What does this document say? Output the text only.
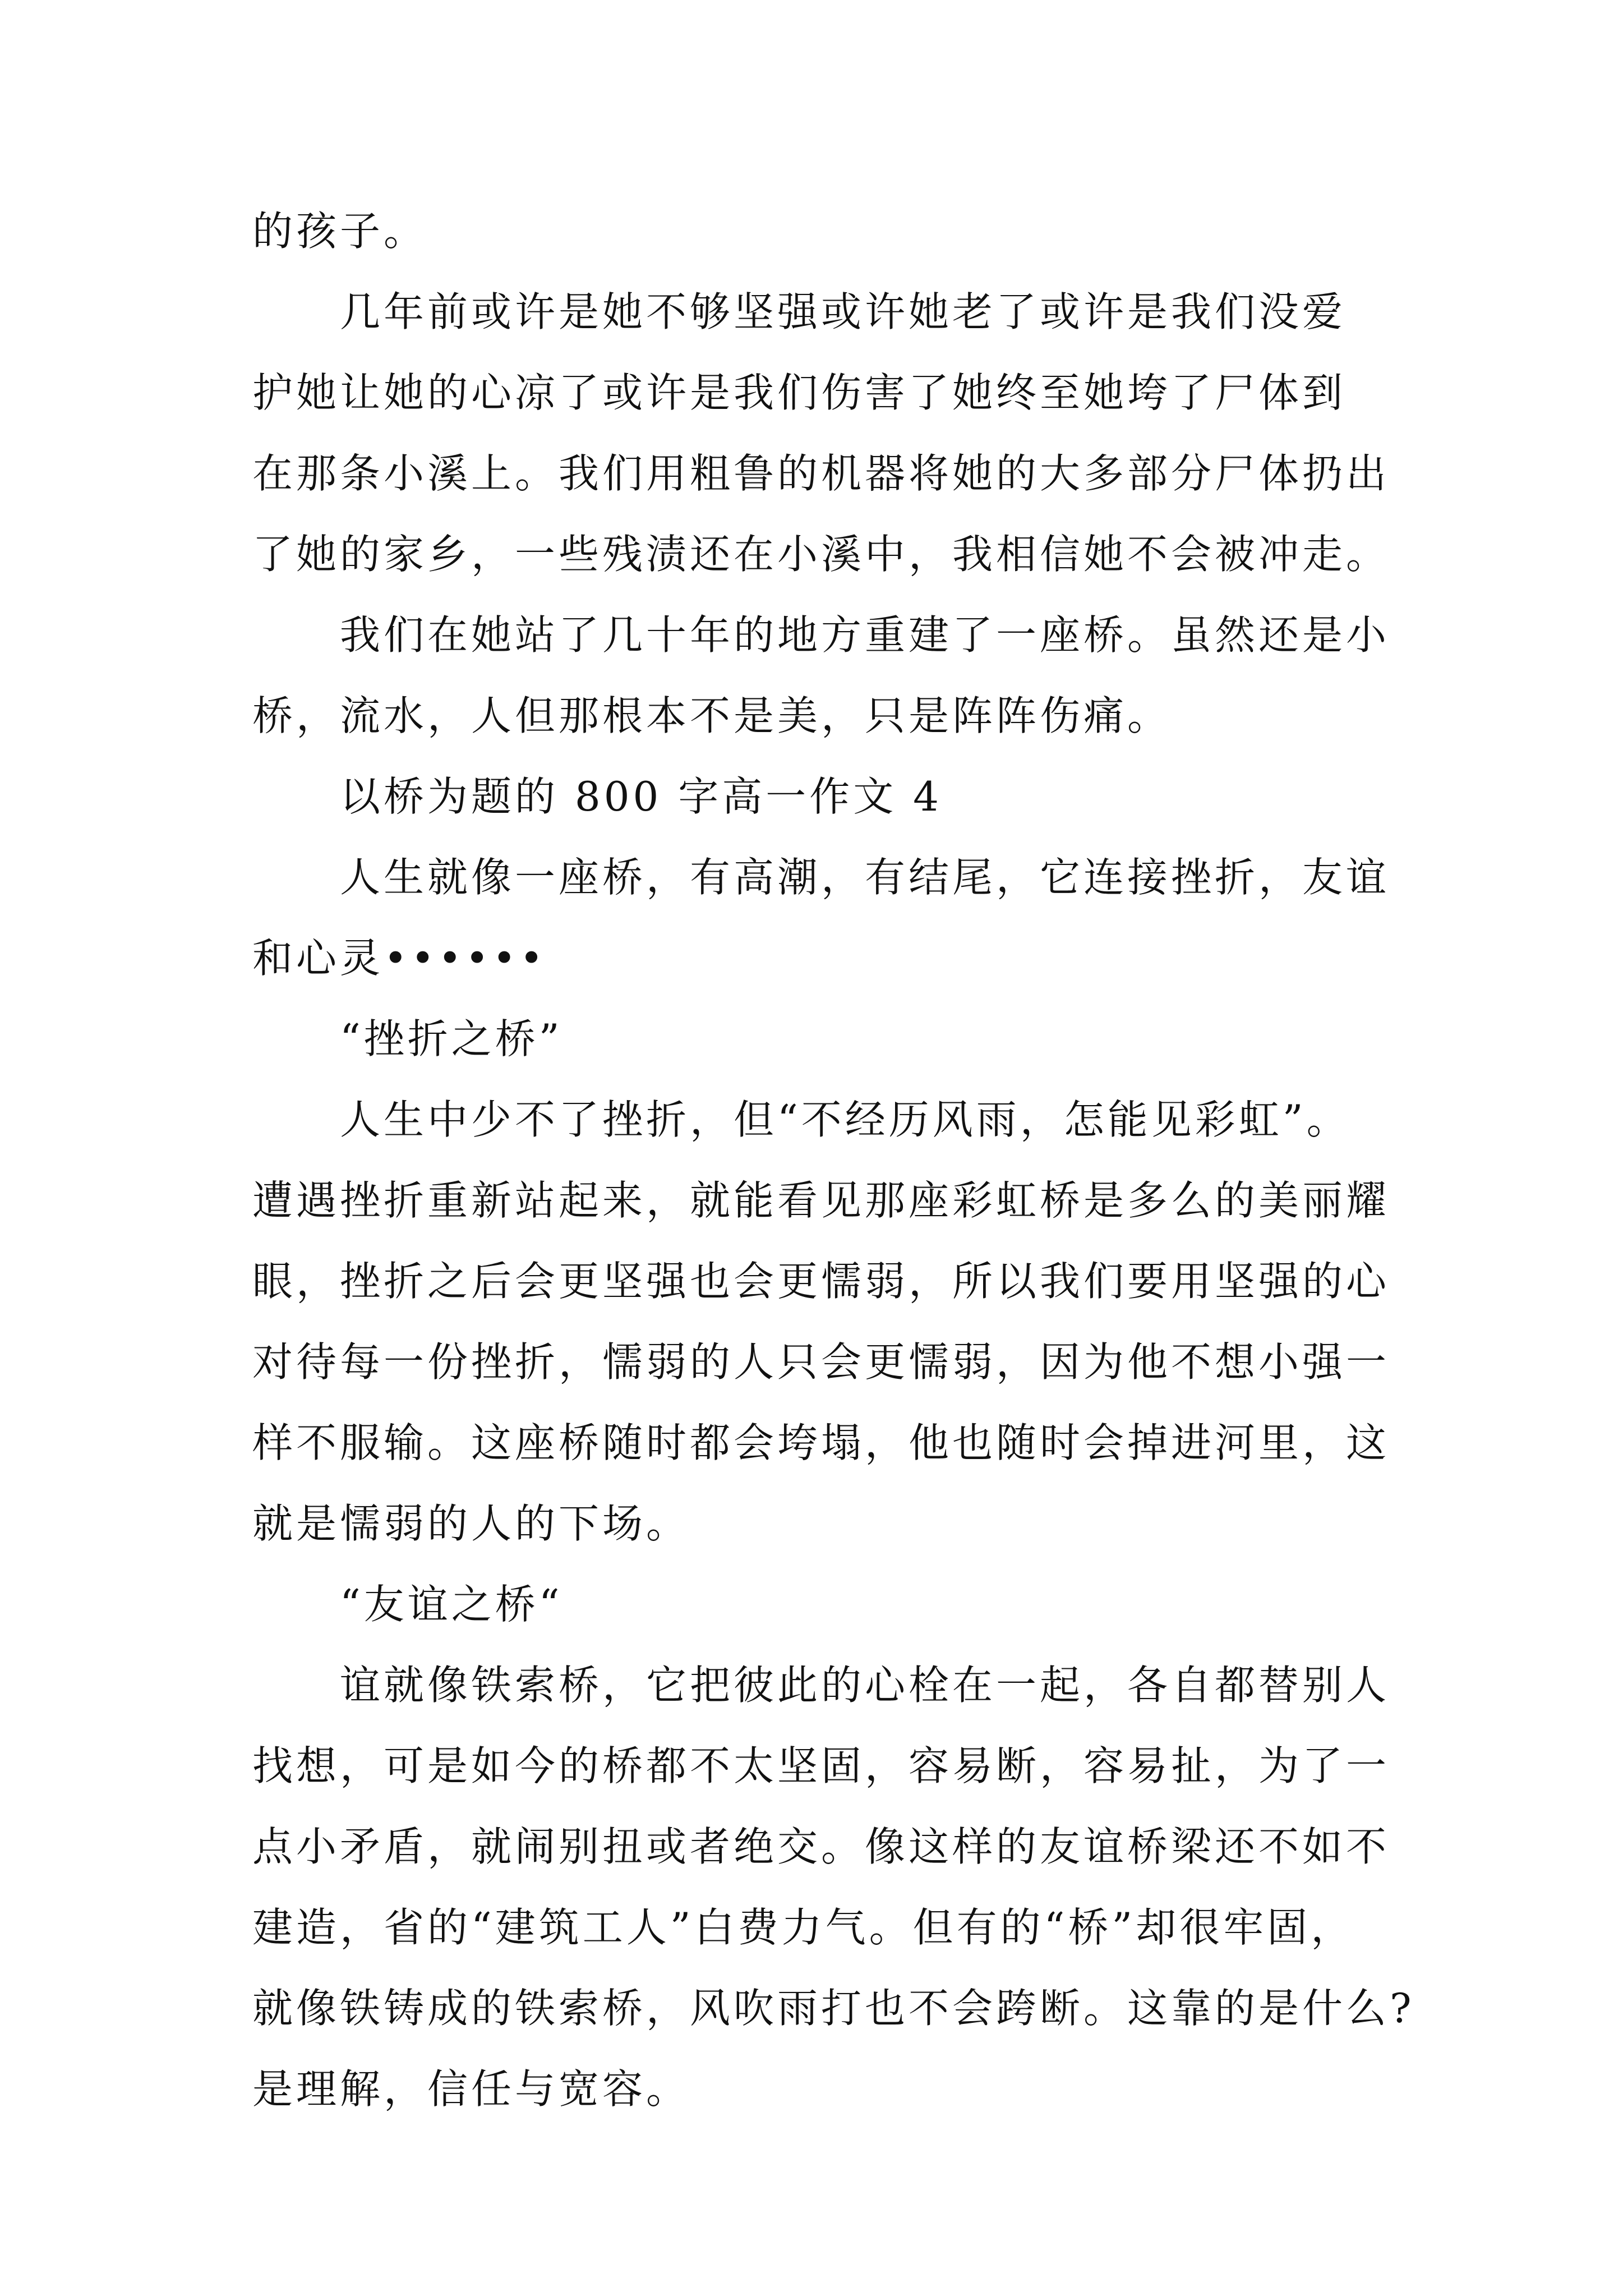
的孩子。

几年前或许是她不够坚强或许她老了或许是我们没爱

护她让她的心凉了或许是我们伤害了她终至她垮了尸体到

在那条小溪上。我们用粗鲁的机器将她的大多部分尸体扔出

了她的家乡，一些残渍还在小溪中，我相信她不会被冲走。

我们在她站了几十年的地方重建了一座桥。虽然还是小

桥，流水，人但那根本不是美，只是阵阵伤痛。

以桥为题的 800 字高一作文 4

人生就像一座桥，有高潮，有结尾，它连接挫折，友谊

和心灵••••••

“挫折之桥”

人生中少不了挫折，但“不经历风雨，怎能见彩虹”。

遭遇挫折重新站起来，就能看见那座彩虹桥是多么的美丽耀

眼，挫折之后会更坚强也会更懦弱，所以我们要用坚强的心

对待每一份挫折，懦弱的人只会更懦弱，因为他不想小强一

样不服输。这座桥随时都会垮塌，他也随时会掉进河里，这

就是懦弱的人的下场。

“友谊之桥“

谊就像铁索桥，它把彼此的心栓在一起，各自都替别人

找想，可是如今的桥都不太坚固，容易断，容易扯，为了一

点小矛盾，就闹别扭或者绝交。像这样的友谊桥梁还不如不

建造，省的“建筑工人”白费力气。但有的“桥”却很牢固，

就像铁铸成的铁索桥，风吹雨打也不会跨断。这靠的是什么?

是理解，信任与宽容。
